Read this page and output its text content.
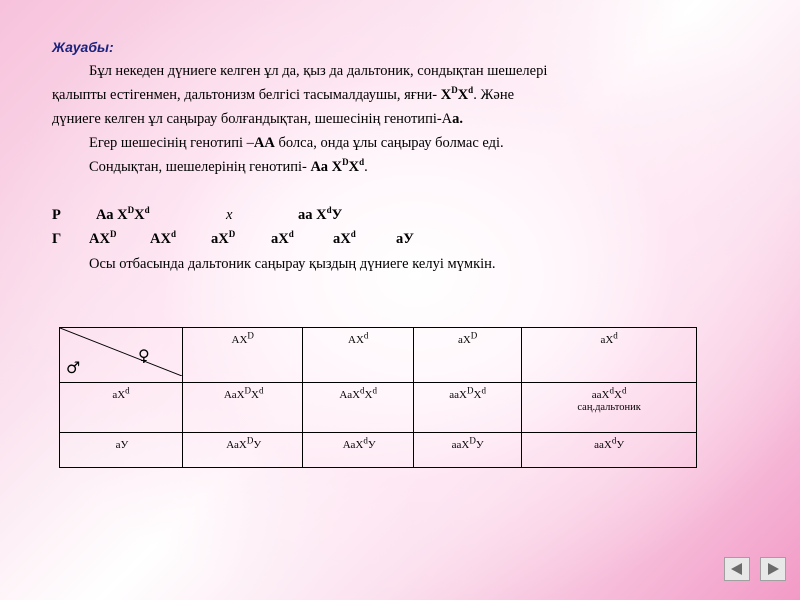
Жауабы:
Бұл некеден дүниеге келген ұл да, қыз да дальтоник, сондықтан шешелері
қалыпты естігенмен, дальтонизм белгісі тасымалдаушы, яғни- $X^DX^d$. Және
дүниеге келген ұл саңырау болғандықтан, шешесінің генотипі-Аа.
Егер шешесінің генотипі –АА болса, онда ұлы саңырау болмас еді.
Сондықтан, шешелерінің генотипі- Аа $X^DX^d$.
Р Аа $X^DX^d$	х	аа $X^dУ$
Г $АX^D$ $АX^d$ $аX^D$ $аX^d$	$аX^d$	аУ
Осы отбасында дальтоник саңырау қыздың дүниеге келуі мүмкін.
♀
♂	$АX^D$	$АX^d$	$аX^D$	$аX^d$
$аX^d$	$АаX^DX^d$	$АаX^dX^d$	$ааX^DX^d$	$ааX^dX^d$
саң.дальтоник

аУ	АаX$^D$У	АаX$^d$У	ааX$^D$У	ааX$^d$У
